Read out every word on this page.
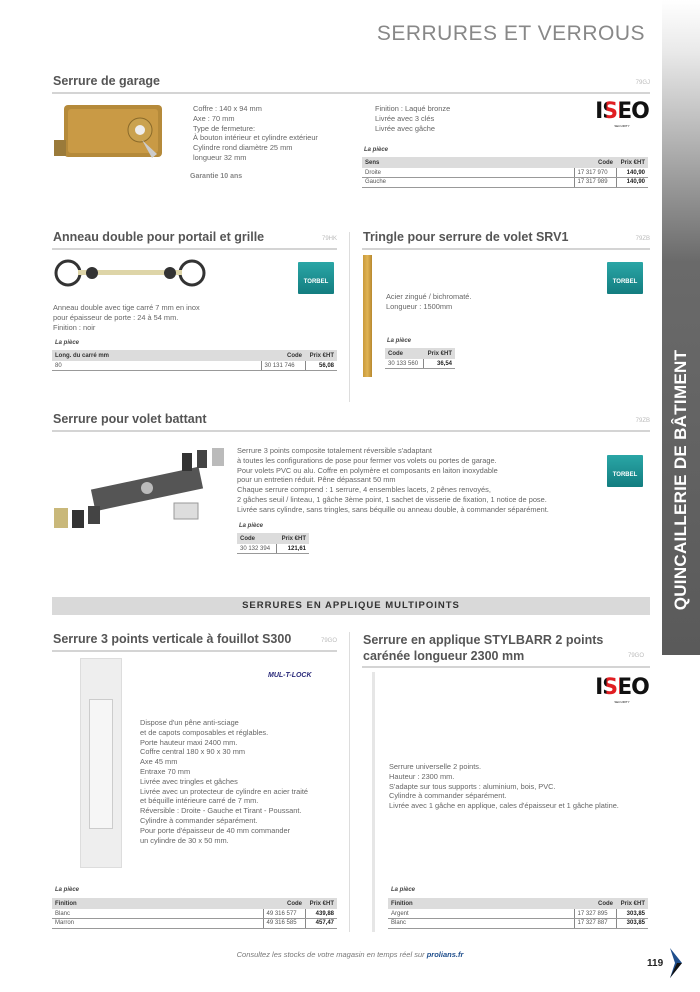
QUINCAILLERIE DE BÂTIMENT
SERRURES ET VERROUS
Serrure de garage	79GJ
Coffre : 140 x 94 mm
Axe : 70 mm
Type de fermeture:
À bouton intérieur et cylindre extérieur
Cylindre rond diamètre 25 mm
longueur 32 mm
Garantie 10 ans
Finition : Laqué bronze
Livrée avec 3 clés
Livrée avec gâche
ISEO
SECURITY
La pièce
Sens	Code	Prix €HT
Droite	17 317 970	140,90
Gauche	17 317 989	140,90
Anneau double pour portail et grille	79HK
TORBEL
Anneau double avec tige carré 7 mm en inox
pour épaisseur de porte : 24 à 54 mm.
Finition : noir
La pièce
Long. du carré mm	Code	Prix €HT
80	30 131 746	56,08
Tringle pour serrure de volet SRV1	79ZB
TORBEL
Acier zingué / bichromaté.
Longueur : 1500mm
La pièce
Code	Prix €HT
30 133 560	36,54
Serrure pour volet battant	79ZB
Serrure 3 points composite totalement réversible s'adaptant
à toutes les configurations de pose pour fermer vos volets ou portes de garage.
Pour volets PVC ou alu. Coffre en polymère et composants en laiton inoxydable
pour un entretien réduit. Pêne dépassant 50 mm
Chaque serrure comprend : 1 serrure, 4 ensembles lacets, 2 pênes renvoyés,
2 gâches seuil / linteau, 1 gâche 3ème point, 1 sachet de visserie de fixation, 1 notice de pose.
Livrée sans cylindre, sans tringles, sans béquille ou anneau double, à commander séparément.
TORBEL
La pièce
Code	Prix €HT
30 132 394	121,61
SERRURES EN APPLIQUE MULTIPOINTS
Serrure 3 points verticale à fouillot S300	79GO
MUL-T-LOCK
Dispose d'un pêne anti-sciage
et de capots composables et réglables.
Porte hauteur maxi 2400 mm.
Coffre central 180 x 90 x 30 mm
Axe 45 mm
Entraxe 70 mm
Livrée avec tringles et gâches
Livrée avec un protecteur de cylindre en acier traité
et béquille intérieure carré de 7 mm.
Réversible : Droite - Gauche et Tirant - Poussant.
Cylindre à commander séparément.
Pour porte d'épaisseur de 40 mm commander
un cylindre de 30 x 50 mm.
La pièce
Finition	Code	Prix €HT
Blanc	49 316 577	439,88
Marron	49 316 585	457,47
Serrure en applique STYLBARR 2 points
carénée longueur 2300 mm	79GO
ISEO
SECURITY
Serrure universelle 2 points.
Hauteur : 2300 mm.
S'adapte sur tous supports : aluminium, bois, PVC.
Cylindre à commander séparément.
Livrée avec 1 gâche en applique, cales d'épaisseur et 1 gâche platine.
La pièce
Finition	Code	Prix €HT
Argent	17 327 895	303,85
Blanc	17 327 887	303,85
Consultez les stocks de votre magasin en temps réel sur prolians.fr
119
